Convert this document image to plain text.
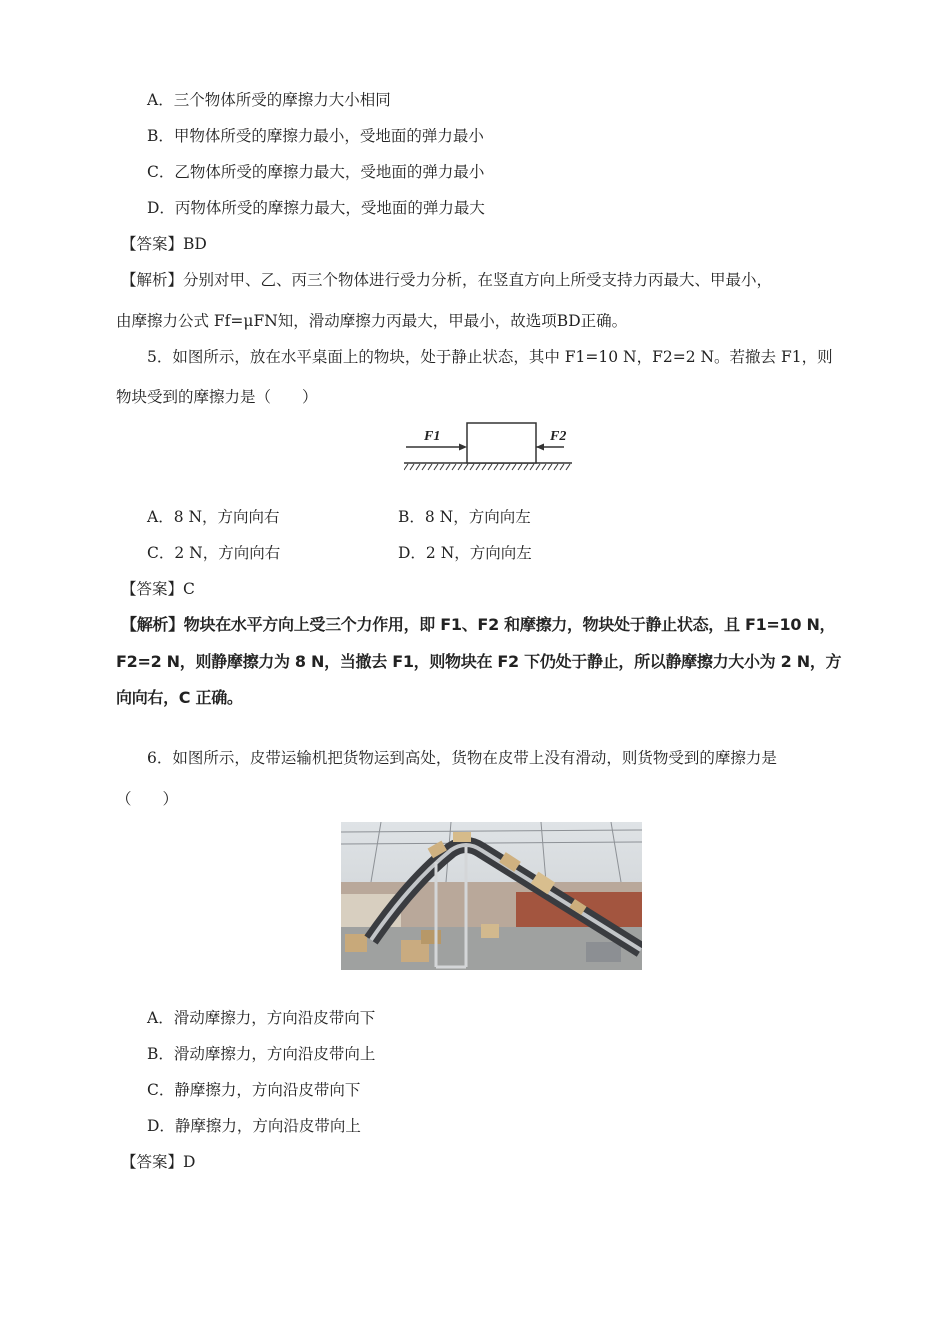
A．三个物体所受的摩擦力大小相同
B．甲物体所受的摩擦力最小，受地面的弹力最小
C．乙物体所受的摩擦力最大，受地面的弹力最小
D．丙物体所受的摩擦力最大，受地面的弹力最大
【答案】BD
【解析】分别对甲、乙、丙三个物体进行受力分析，在竖直方向上所受支持力丙最大、甲最小，
由摩擦力公式 Ff=μFN知，滑动摩擦力丙最大，甲最小，故选项BD正确。
5．如图所示，放在水平桌面上的物块，处于静止状态，其中 F1=10 N，F2=2 N。若撤去 F1，则
物块受到的摩擦力是（　　）
F1	F2
A．8 N，方向向右	B．8 N，方向向左
C．2 N，方向向右	D．2 N，方向向左
【答案】C
【解析】物块在水平方向上受三个力作用，即 F1、F2 和摩擦力，物块处于静止状态，且 F1=10 N，
F2=2 N，则静摩擦力为 8 N，当撤去 F1，则物块在 F2 下仍处于静止，所以静摩擦力大小为 2 N，方
向向右，C 正确。
6．如图所示，皮带运输机把货物运到高处，货物在皮带上没有滑动，则货物受到的摩擦力是
（　　）
A．滑动摩擦力，方向沿皮带向下
B．滑动摩擦力，方向沿皮带向上
C．静摩擦力，方向沿皮带向下
D．静摩擦力，方向沿皮带向上
【答案】D
